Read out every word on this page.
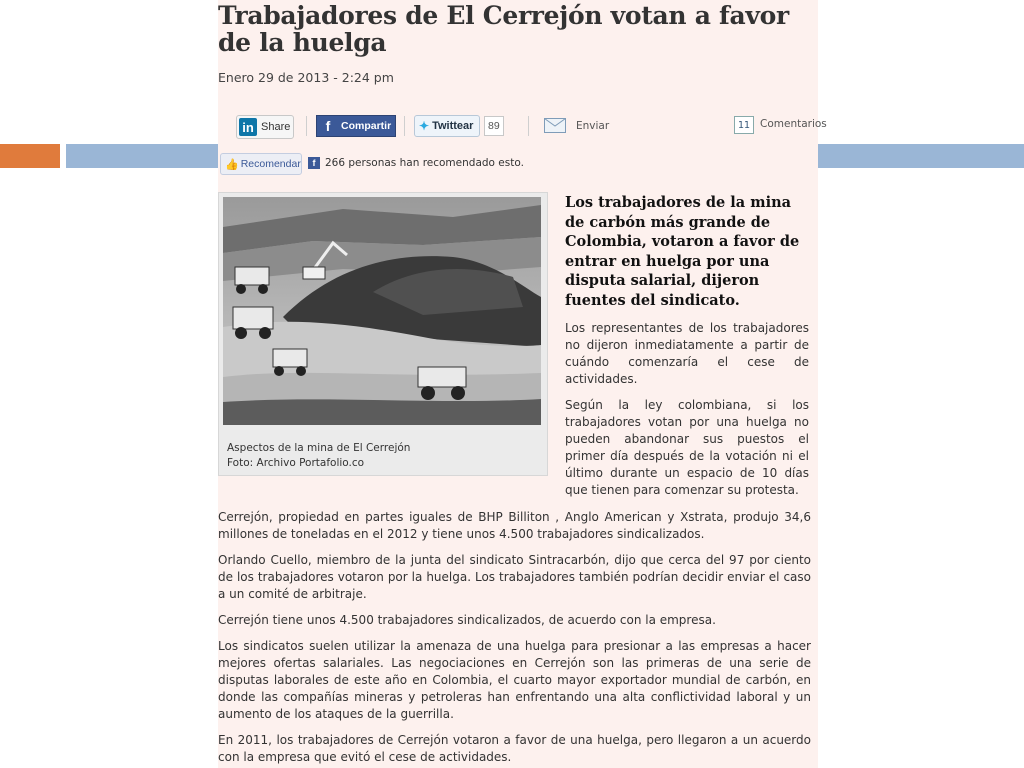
Trabajadores de El Cerrejón votan a favor de la huelga
Enero 29 de 2013 - 2:24 pm
in Share	f	Compartir ✦ Twittear	89	Enviar	11 Comentarios
👍 Recomendar	f 266 personas han recomendado esto.
Aspectos de la mina de El Cerrejón
Foto: Archivo Portafolio.co

Los trabajadores de la mina de carbón más grande de Colombia, votaron a favor de entrar en huelga por una disputa salarial, dijeron fuentes del sindicato.

Los representantes de los trabajadores no dijeron inmediatamente a partir de cuándo comenzaría el cese de actividades.

Según la ley colombiana, si los trabajadores votan por una huelga no pueden abandonar sus puestos el primer día después de la votación ni el último durante un espacio de 10 días que tienen para comenzar su protesta.

Cerrejón, propiedad en partes iguales de BHP Billiton , Anglo American y Xstrata, produjo 34,6 millones de toneladas en el 2012 y tiene unos 4.500 trabajadores sindicalizados.

Orlando Cuello, miembro de la junta del sindicato Sintracarbón, dijo que cerca del 97 por ciento de los trabajadores votaron por la huelga. Los trabajadores también podrían decidir enviar el caso a un comité de arbitraje.

Cerrejón tiene unos 4.500 trabajadores sindicalizados, de acuerdo con la empresa.

Los sindicatos suelen utilizar la amenaza de una huelga para presionar a las empresas a hacer mejores ofertas salariales. Las negociaciones en Cerrejón son las primeras de una serie de disputas laborales de este año en Colombia, el cuarto mayor exportador mundial de carbón, en donde las compañías mineras y petroleras han enfrentando una alta conflictividad laboral y un aumento de los ataques de la guerrilla.

En 2011, los trabajadores de Cerrejón votaron a favor de una huelga, pero llegaron a un acuerdo con la empresa que evitó el cese de actividades.
